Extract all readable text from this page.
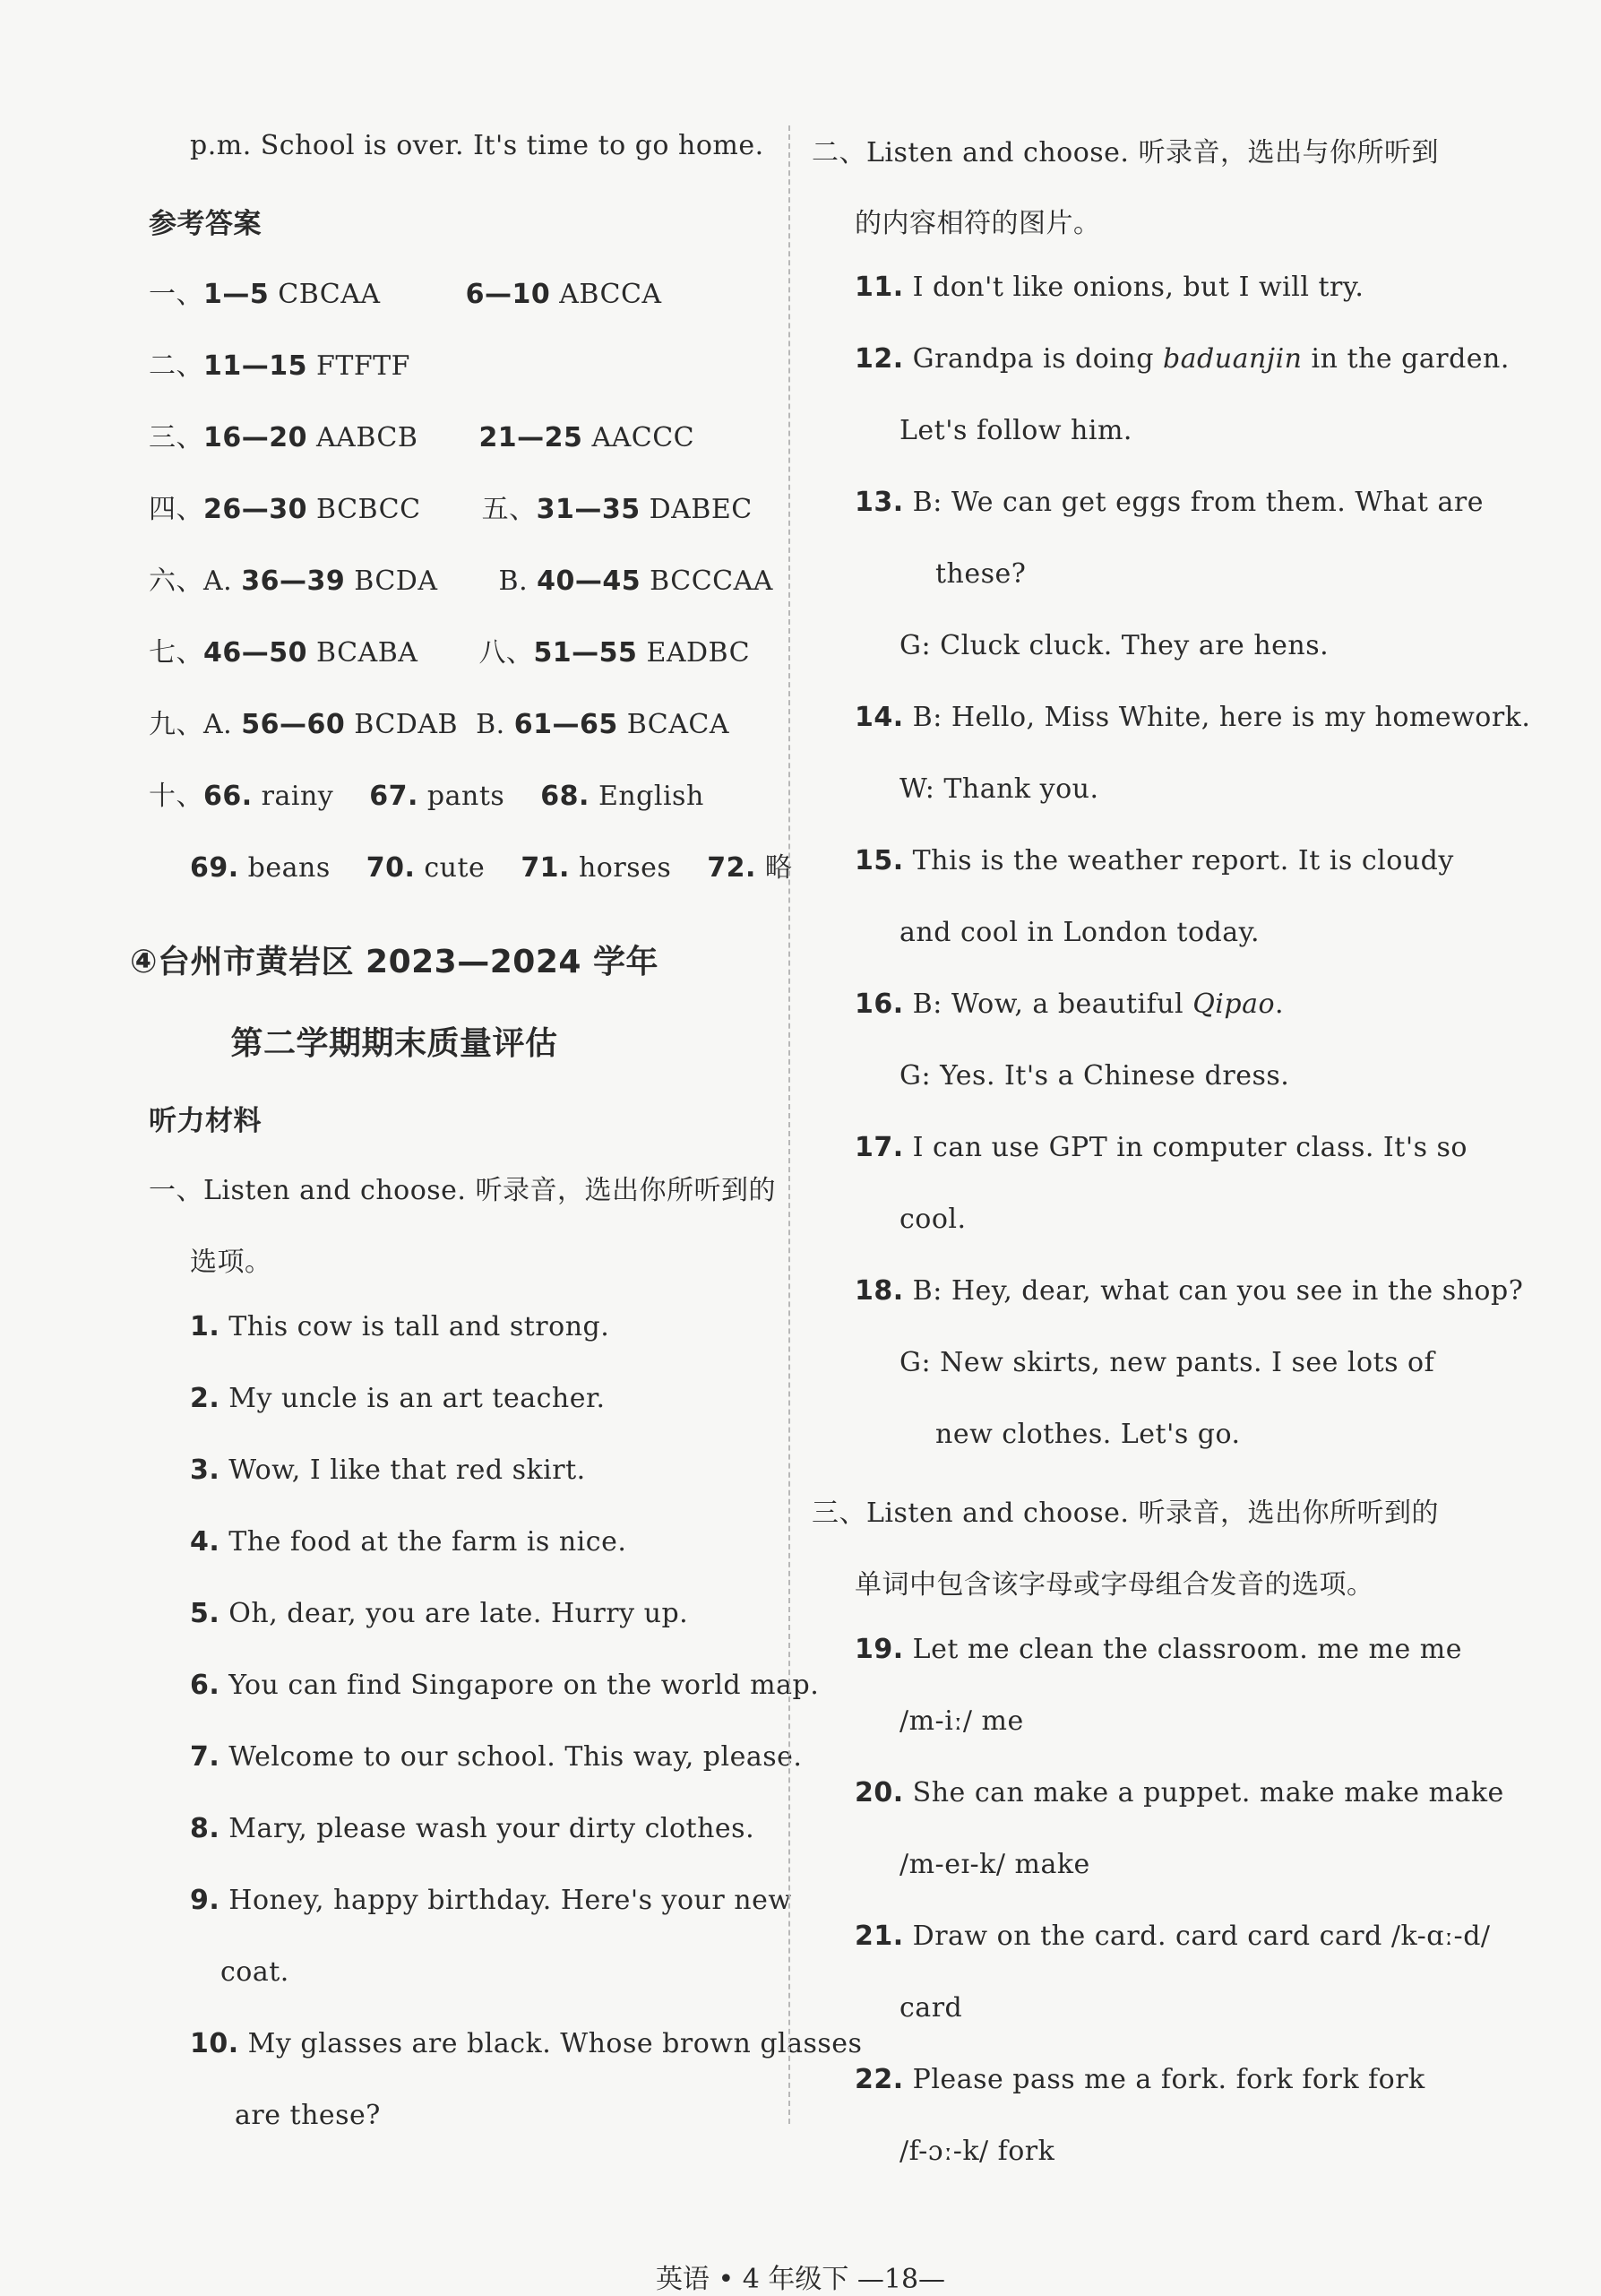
p.m. School is over. It's time to go home.
参考答案
一、1—5 CBCAA	6—10 ABCCA
二、11—15 FTFTF
三、16—20 AABCB 21—25 AACCC
四、26—30 BCBCC 五、31—35 DABEC
六、A. 36—39 BCDA B. 40—45 BCCCAA
七、46—50 BCABA 八、51—55 EADBC
九、A. 56—60 BCDAB B. 61—65 BCACA
十、66. rainy 67. pants 68. English
69. beans 70. cute 71. horses 72. 略
④台州市黄岩区 2023—2024 学年
第二学期期末质量评估
听力材料
一、Listen and choose. 听录音，选出你所听到的
选项。
1. This cow is tall and strong.
2. My uncle is an art teacher.
3. Wow, I like that red skirt.
4. The food at the farm is nice.
5. Oh, dear, you are late. Hurry up.
6. You can find Singapore on the world map.
7. Welcome to our school. This way, please.
8. Mary, please wash your dirty clothes.
9. Honey, happy birthday. Here's your new
coat.
10. My glasses are black. Whose brown glasses
are these?
二、Listen and choose. 听录音，选出与你所听到
的内容相符的图片。
11. I don't like onions, but I will try.
12. Grandpa is doing baduanjin in the garden.
Let's follow him.
13. B: We can get eggs from them. What are
these?
G: Cluck cluck. They are hens.
14. B: Hello, Miss White, here is my homework.
W: Thank you.
15. This is the weather report. It is cloudy
and cool in London today.
16. B: Wow, a beautiful Qipao.
G: Yes. It's a Chinese dress.
17. I can use GPT in computer class. It's so
cool.
18. B: Hey, dear, what can you see in the shop?
G: New skirts, new pants. I see lots of
new clothes. Let's go.
三、Listen and choose. 听录音，选出你所听到的
单词中包含该字母或字母组合发音的选项。
19. Let me clean the classroom. me me me
/m-iː/ me
20. She can make a puppet. make make make
/m-eɪ-k/ make
21. Draw on the card. card card card /k-ɑː-d/
card
22. Please pass me a fork. fork fork fork
/f-ɔː-k/ fork
英语 • 4 年级下 —18—
